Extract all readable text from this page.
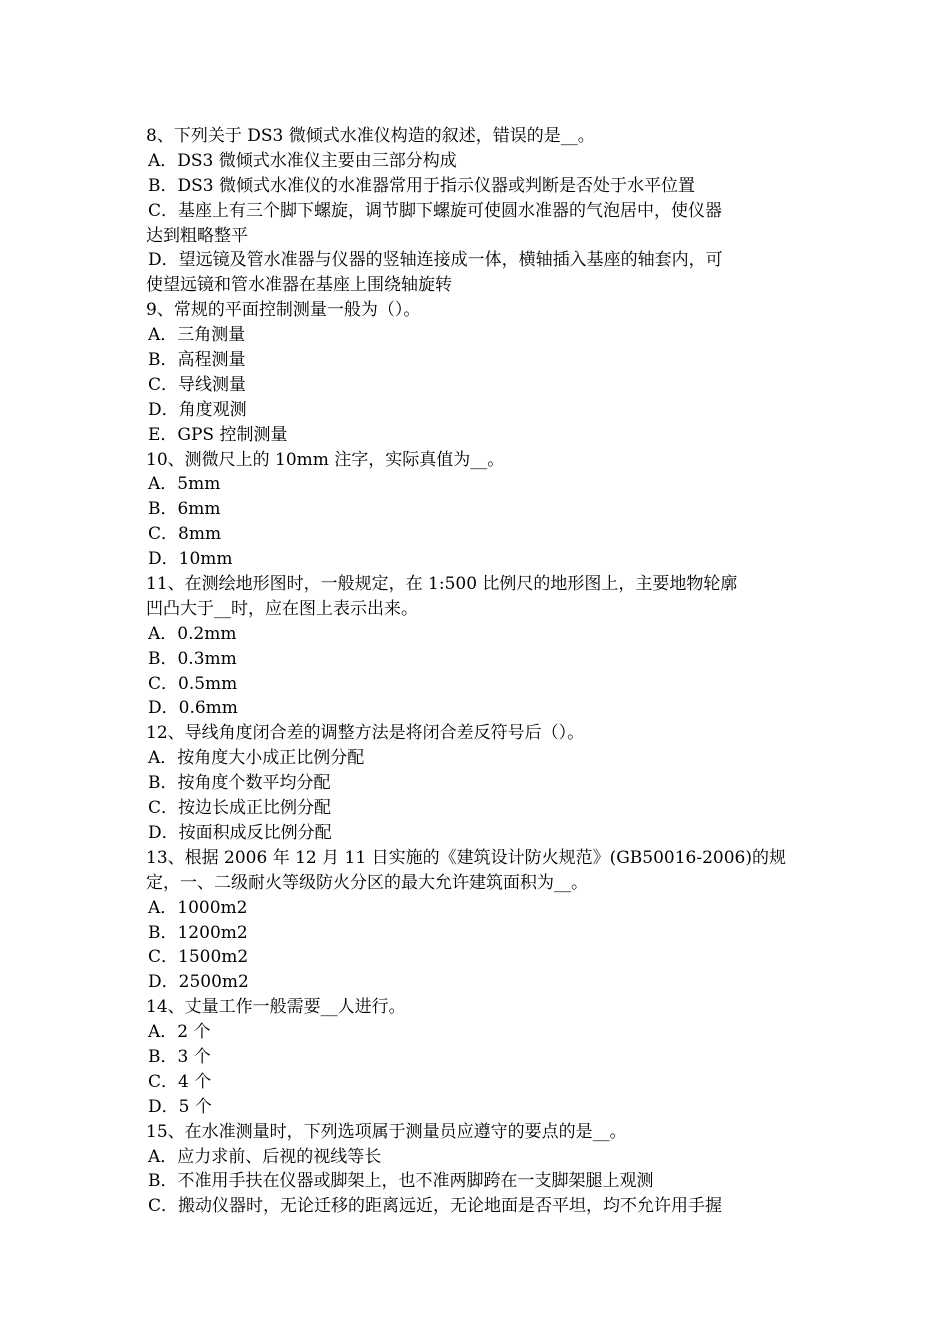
8、下列关于 DS3 微倾式水准仪构造的叙述，错误的是__。
A．DS3 微倾式水准仪主要由三部分构成
B．DS3 微倾式水准仪的水准器常用于指示仪器或判断是否处于水平位置
C．基座上有三个脚下螺旋，调节脚下螺旋可使圆水准器的气泡居中，使仪器
达到粗略整平
D．望远镜及管水准器与仪器的竖轴连接成一体，横轴插入基座的轴套内，可
使望远镜和管水准器在基座上围绕轴旋转
9、常规的平面控制测量一般为（）。
A．三角测量
B．高程测量
C．导线测量
D．角度观测
E．GPS 控制测量
10、测微尺上的 10mm 注字，实际真值为__。
A．5mm
B．6mm
C．8mm
D．10mm
11、在测绘地形图时，一般规定，在 1:500 比例尺的地形图上，主要地物轮廓
凹凸大于__时，应在图上表示出来。
A．0.2mm
B．0.3mm
C．0.5mm
D．0.6mm
12、导线角度闭合差的调整方法是将闭合差反符号后（）。
A．按角度大小成正比例分配
B．按角度个数平均分配
C．按边长成正比例分配
D．按面积成反比例分配
13、根据 2006 年 12 月 11 日实施的《建筑设计防火规范》(GB50016-2006)的规
定，一、二级耐火等级防火分区的最大允许建筑面积为__。
A．1000m2
B．1200m2
C．1500m2
D．2500m2
14、丈量工作一般需要__人进行。
A．2 个
B．3 个
C．4 个
D．5 个
15、在水准测量时，下列选项属于测量员应遵守的要点的是__。
A．应力求前、后视的视线等长
B．不准用手扶在仪器或脚架上，也不准两脚跨在一支脚架腿上观测
C．搬动仪器时，无论迁移的距离远近，无论地面是否平坦，均不允许用手握
